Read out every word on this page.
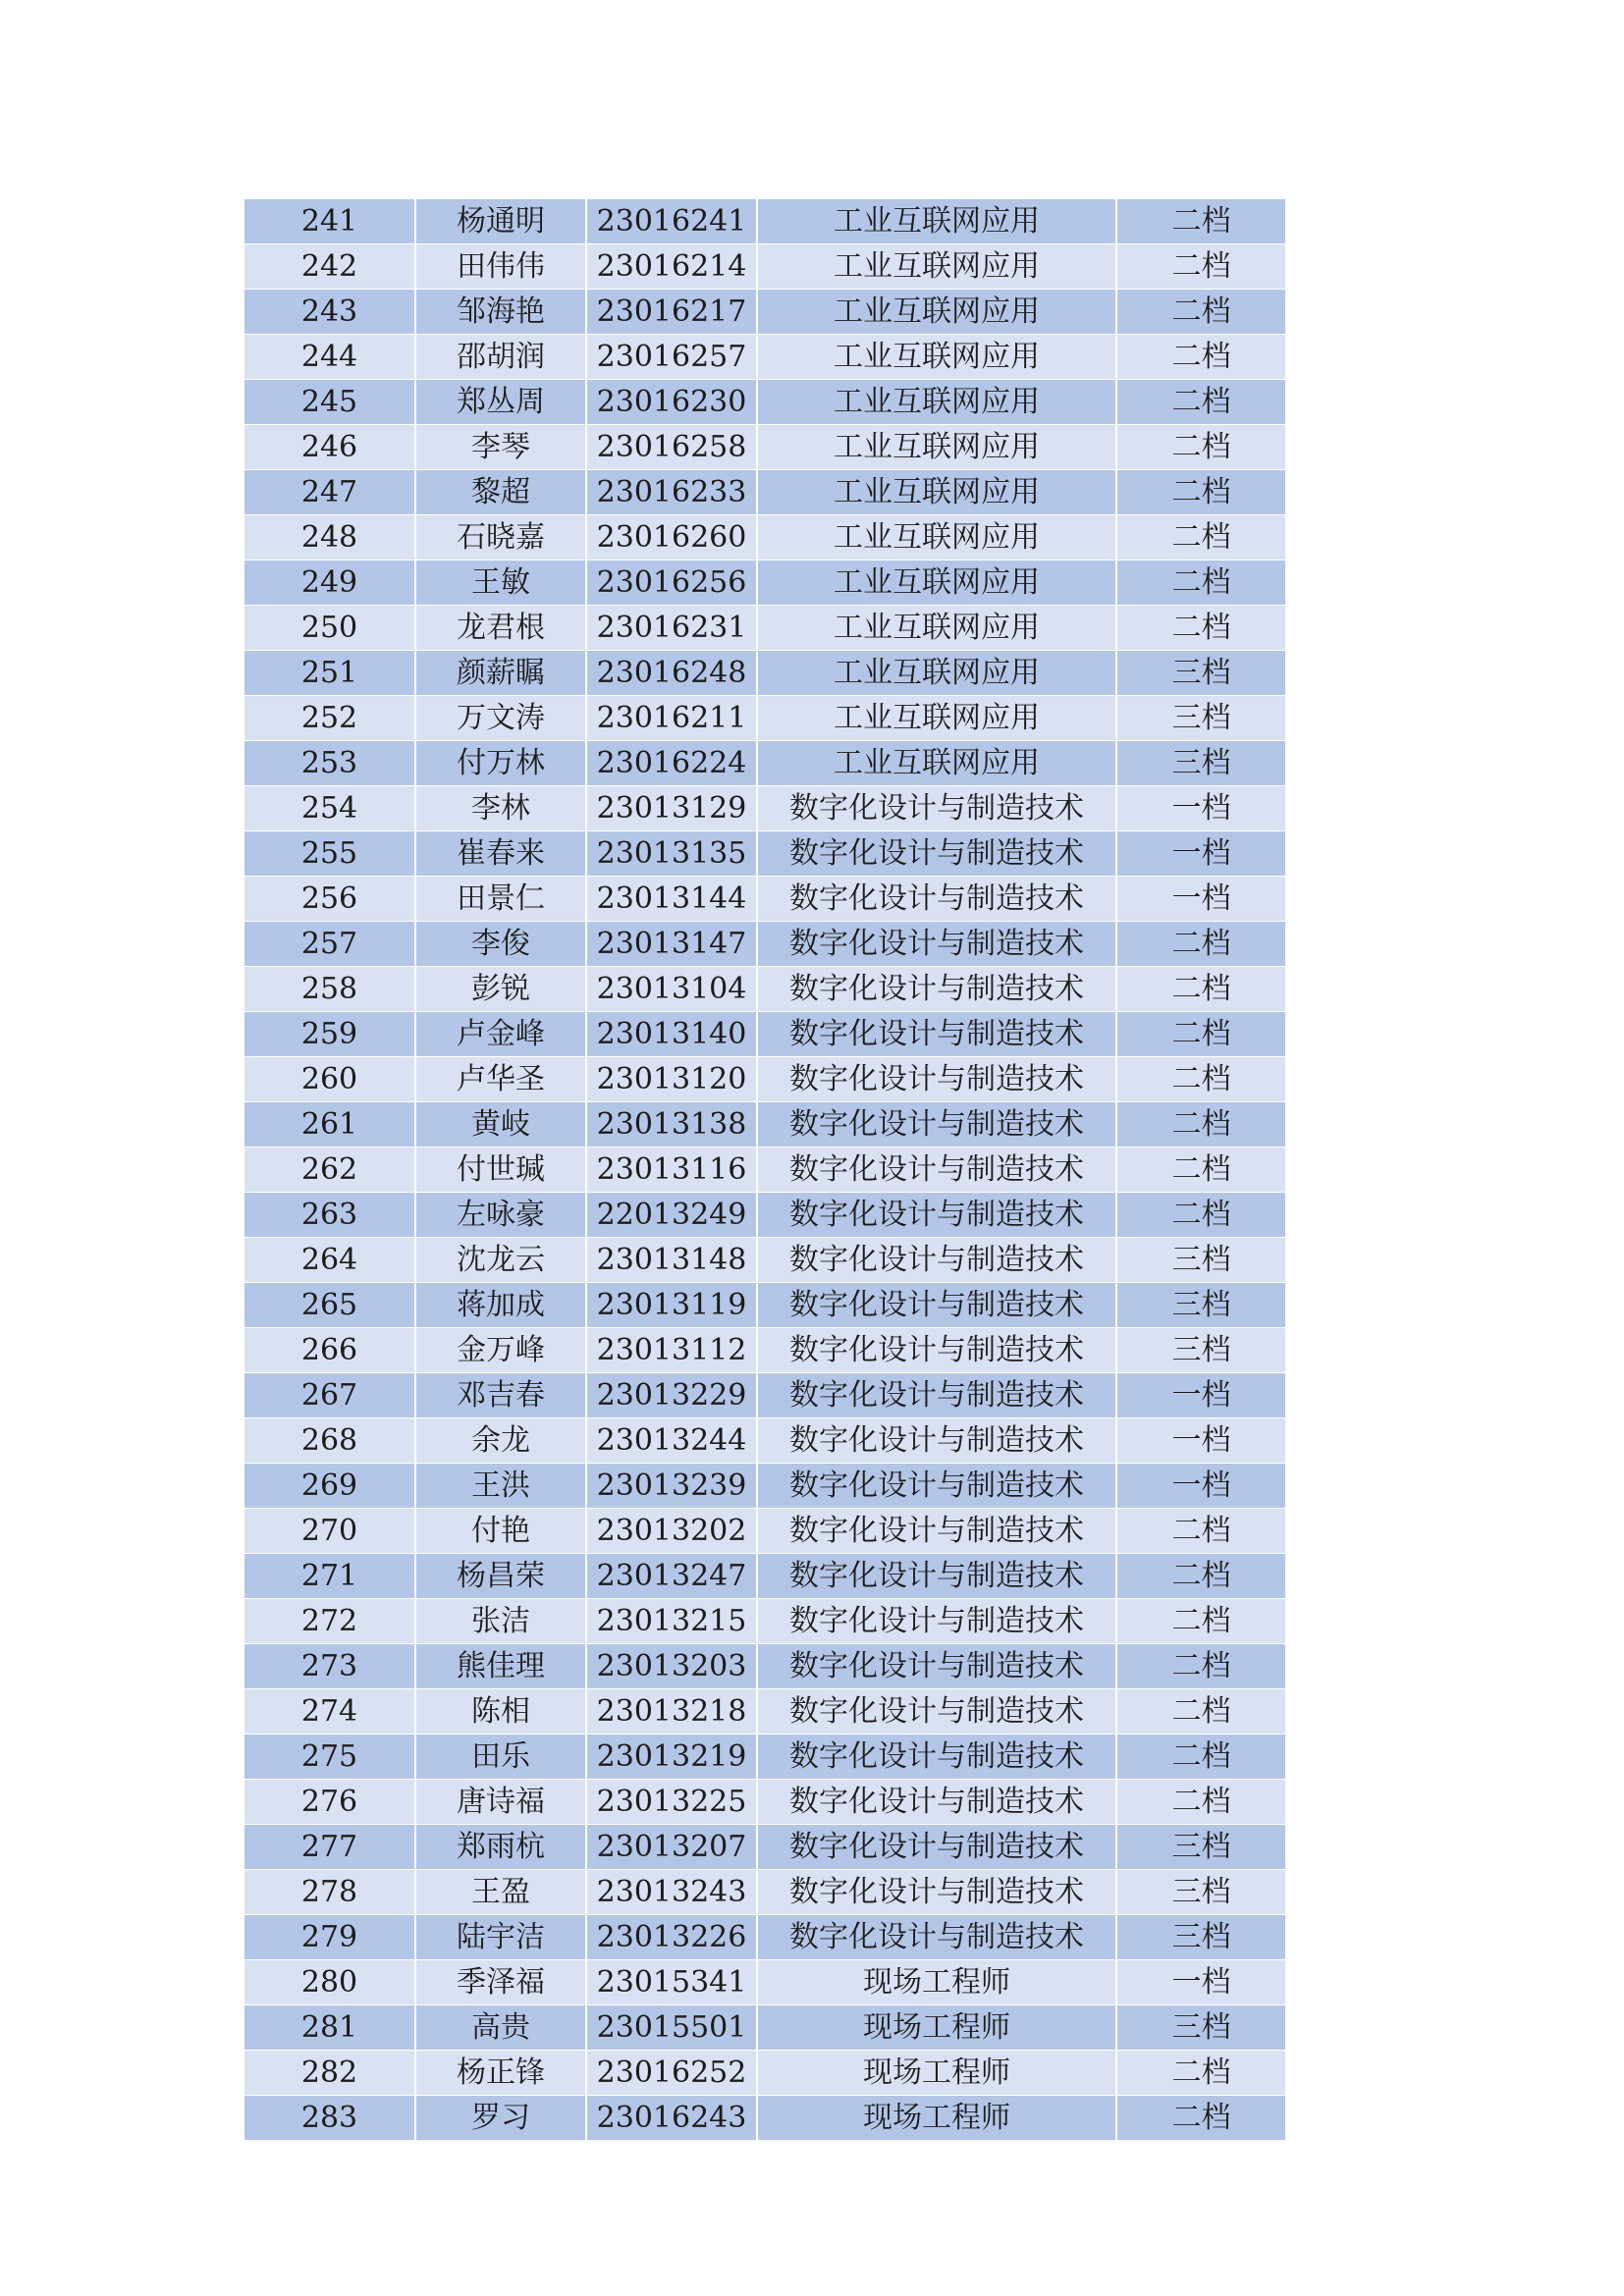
241	杨通明	23016241	工业互联网应用	二档
242	田伟伟	23016214	工业互联网应用	二档
243	邹海艳	23016217	工业互联网应用	二档
244	邵胡润	23016257	工业互联网应用	二档
245	郑丛周	23016230	工业互联网应用	二档
246	李琴	23016258	工业互联网应用	二档
247	黎超	23016233	工业互联网应用	二档
248	石晓嘉	23016260	工业互联网应用	二档
249	王敏	23016256	工业互联网应用	二档
250	龙君根	23016231	工业互联网应用	二档
251	颜薪瞩	23016248	工业互联网应用	三档
252	万文涛	23016211	工业互联网应用	三档
253	付万林	23016224	工业互联网应用	三档
254	李林	23013129	数字化设计与制造技术	一档
255	崔春来	23013135	数字化设计与制造技术	一档
256	田景仁	23013144	数字化设计与制造技术	一档
257	李俊	23013147	数字化设计与制造技术	二档
258	彭锐	23013104	数字化设计与制造技术	二档
259	卢金峰	23013140	数字化设计与制造技术	二档
260	卢华圣	23013120	数字化设计与制造技术	二档
261	黄岐	23013138	数字化设计与制造技术	二档
262	付世瑊	23013116	数字化设计与制造技术	二档
263	左咏豪	22013249	数字化设计与制造技术	二档
264	沈龙云	23013148	数字化设计与制造技术	三档
265	蒋加成	23013119	数字化设计与制造技术	三档
266	金万峰	23013112	数字化设计与制造技术	三档
267	邓吉春	23013229	数字化设计与制造技术	一档
268	余龙	23013244	数字化设计与制造技术	一档
269	王洪	23013239	数字化设计与制造技术	一档
270	付艳	23013202	数字化设计与制造技术	二档
271	杨昌荣	23013247	数字化设计与制造技术	二档
272	张洁	23013215	数字化设计与制造技术	二档
273	熊佳理	23013203	数字化设计与制造技术	二档
274	陈相	23013218	数字化设计与制造技术	二档
275	田乐	23013219	数字化设计与制造技术	二档
276	唐诗福	23013225	数字化设计与制造技术	二档
277	郑雨杭	23013207	数字化设计与制造技术	三档
278	王盈	23013243	数字化设计与制造技术	三档
279	陆宇洁	23013226	数字化设计与制造技术	三档
280	季泽福	23015341	现场工程师	一档
281	高贵	23015501	现场工程师	三档
282	杨正锋	23016252	现场工程师	二档
283	罗习	23016243	现场工程师	二档
